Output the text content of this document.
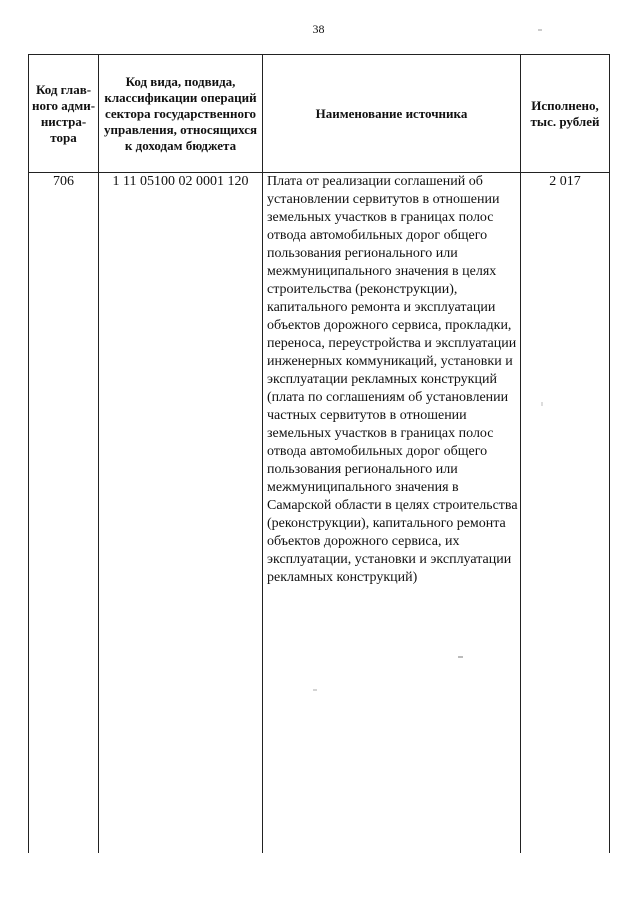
38
Код глав-ного адми-нистра-тора	Код вида, подвида, классификации операций сектора государственного управления, относящихся к доходам бюджета	Наименование источника	Исполнено, тыс. рублей
706	1 11 05100 02 0001 120	Плата от реализации соглашений об установлении сервитутов в отношении земельных участков в границах полос отвода автомобильных дорог общего пользования регионального или межмуниципального значения в целях строительства (реконструкции), капитального ремонта и эксплуатации объектов дорожного сервиса, прокладки, переноса, переустройства и эксплуатации инженерных коммуникаций, установки и эксплуатации рекламных конструкций (плата по соглашениям об установлении частных сервитутов в отношении земельных участков в границах полос отвода автомобильных дорог общего пользования регионального или межмуниципального значения в Самарской области в целях строительства (реконструкции), капитального ремонта объектов дорожного сервиса, их эксплуатации, установки и эксплуатации рекламных конструкций)	2 017
